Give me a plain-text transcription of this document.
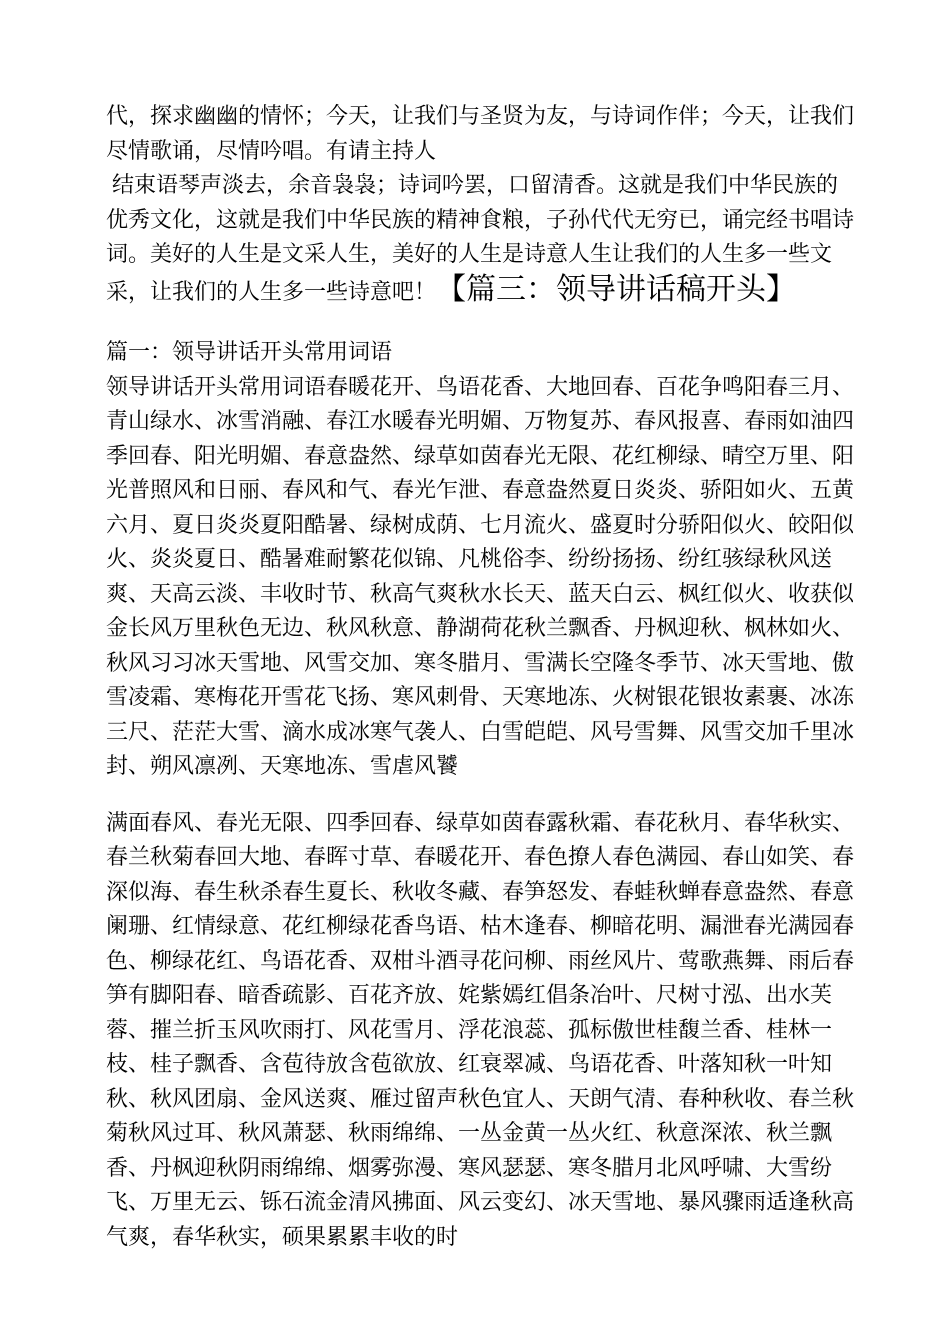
代，探求幽幽的情怀；今天，让我们与圣贤为友，与诗词作伴；今天，让我们尽情歌诵，尽情吟唱。有请主持人

结束语琴声淡去，余音袅袅；诗词吟罢，口留清香。这就是我们中华民族的优秀文化，这就是我们中华民族的精神食粮，子孙代代无穷已，诵完经书唱诗词。美好的人生是文采人生，美好的人生是诗意人生让我们的人生多一些文采，让我们的人生多一些诗意吧！【篇三：领导讲话稿开头】

篇一：领导讲话开头常用词语

领导讲话开头常用词语春暖花开、鸟语花香、大地回春、百花争鸣阳春三月、青山绿水、冰雪消融、春江水暖春光明媚、万物复苏、春风报喜、春雨如油四季回春、阳光明媚、春意盎然、绿草如茵春光无限、花红柳绿、晴空万里、阳光普照风和日丽、春风和气、春光乍泄、春意盎然夏日炎炎、骄阳如火、五黄六月、夏日炎炎夏阳酷暑、绿树成荫、七月流火、盛夏时分骄阳似火、皎阳似火、炎炎夏日、酷暑难耐繁花似锦、凡桃俗李、纷纷扬扬、纷红骇绿秋风送爽、天高云淡、丰收时节、秋高气爽秋水长天、蓝天白云、枫红似火、收获似金长风万里秋色无边、秋风秋意、静湖荷花秋兰飘香、丹枫迎秋、枫林如火、秋风习习冰天雪地、风雪交加、寒冬腊月、雪满长空隆冬季节、冰天雪地、傲雪凌霜、寒梅花开雪花飞扬、寒风刺骨、天寒地冻、火树银花银妆素裹、冰冻三尺、茫茫大雪、滴水成冰寒气袭人、白雪皑皑、风号雪舞、风雪交加千里冰封、朔风凛冽、天寒地冻、雪虐风饕

满面春风、春光无限、四季回春、绿草如茵春露秋霜、春花秋月、春华秋实、春兰秋菊春回大地、春晖寸草、春暖花开、春色撩人春色满园、春山如笑、春深似海、春生秋杀春生夏长、秋收冬藏、春笋怒发、春蛙秋蝉春意盎然、春意阑珊、红情绿意、花红柳绿花香鸟语、枯木逢春、柳暗花明、漏泄春光满园春色、柳绿花红、鸟语花香、双柑斗酒寻花问柳、雨丝风片、莺歌燕舞、雨后春笋有脚阳春、暗香疏影、百花齐放、姹紫嫣红倡条冶叶、尺树寸泓、出水芙蓉、摧兰折玉风吹雨打、风花雪月、浮花浪蕊、孤标傲世桂馥兰香、桂林一枝、桂子飘香、含苞待放含苞欲放、红衰翠减、鸟语花香、叶落知秋一叶知秋、秋风团扇、金风送爽、雁过留声秋色宜人、天朗气清、春种秋收、春兰秋菊秋风过耳、秋风萧瑟、秋雨绵绵、一丛金黄一丛火红、秋意深浓、秋兰飘香、丹枫迎秋阴雨绵绵、烟雾弥漫、寒风瑟瑟、寒冬腊月北风呼啸、大雪纷飞、万里无云、铄石流金清风拂面、风云变幻、冰天雪地、暴风骤雨适逢秋高气爽，春华秋实，硕果累累丰收的时
